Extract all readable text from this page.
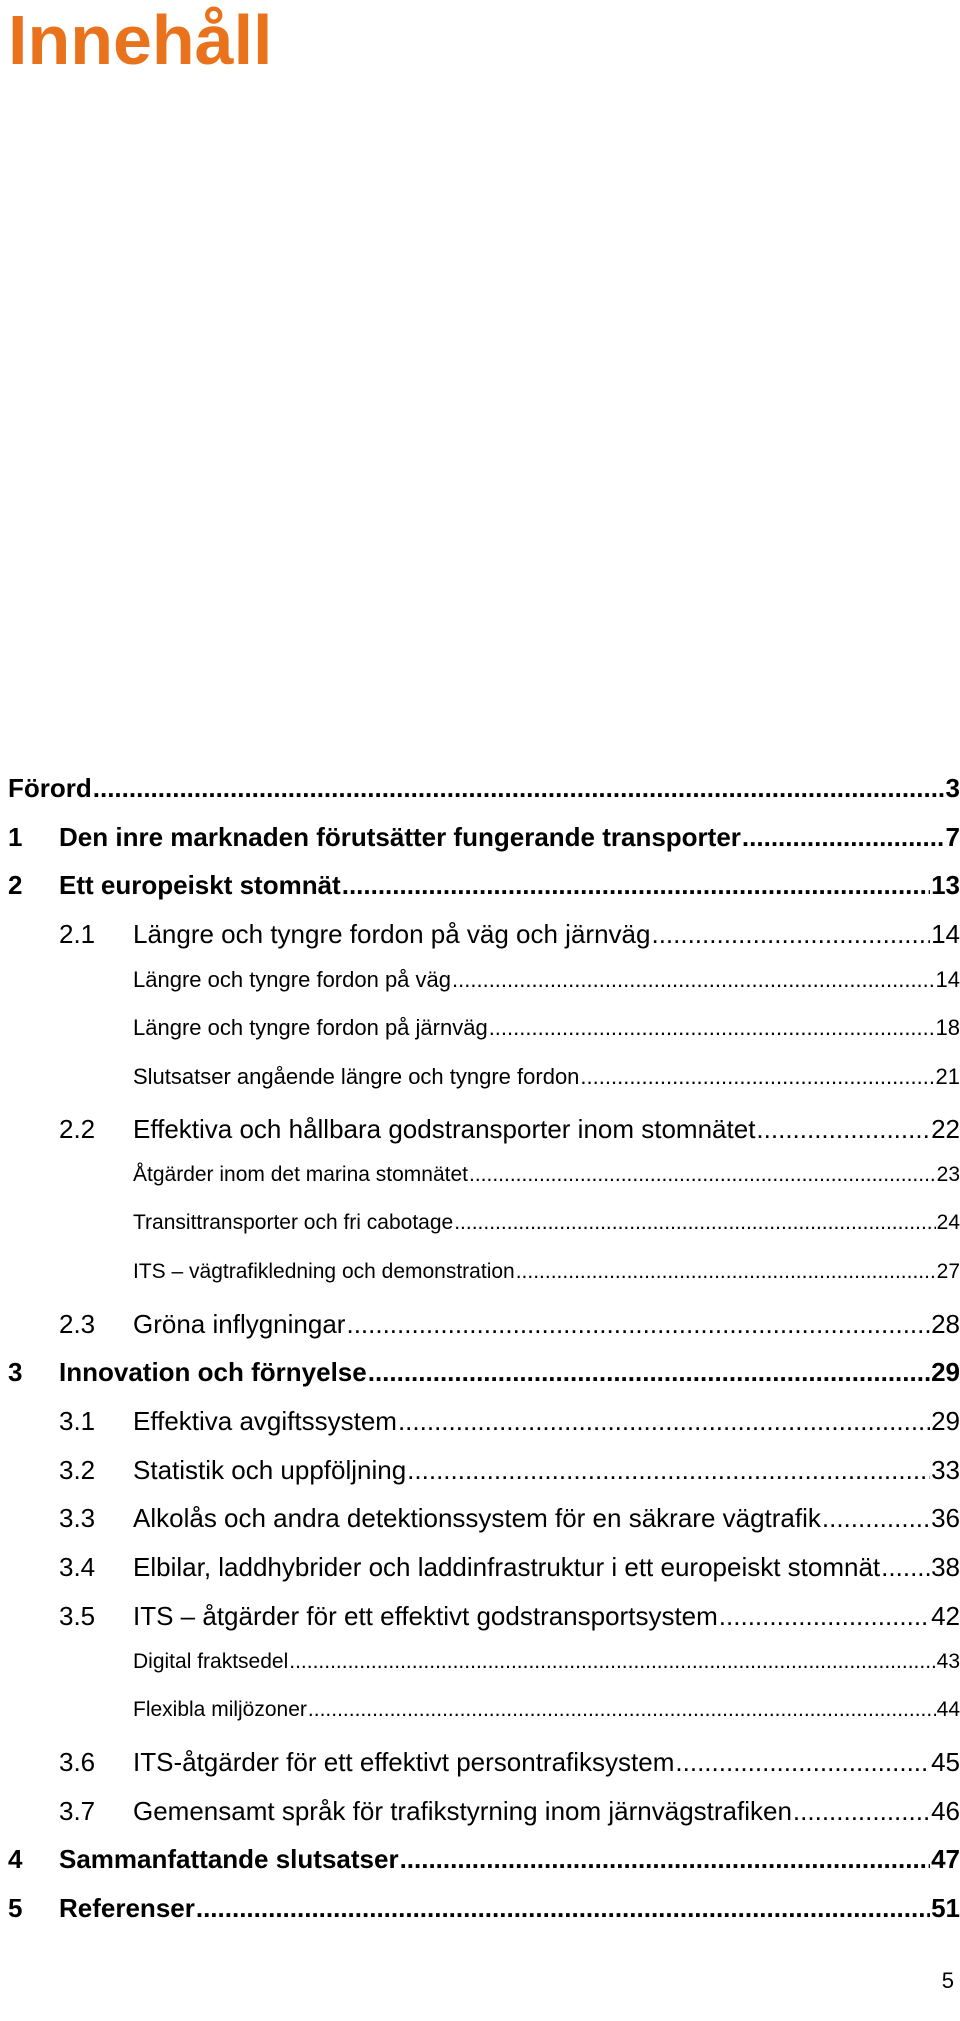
Innehåll
Förord .....	3
1 Den inre marknaden förutsätter fungerande transporter .....	7
2 Ett europeiskt stomnät .....	13
2.1 Längre och tyngre fordon på väg och järnväg .....	14
Längre och tyngre fordon på väg .....	14
Längre och tyngre fordon på järnväg .....	18
Slutsatser angående längre och tyngre fordon .....	21
2.2 Effektiva och hållbara godstransporter inom stomnätet .....	22
Åtgärder inom det marina stomnätet .....	23
Transittransporter och fri cabotage .....	24
ITS – vägtrafikledning och demonstration .....	27
2.3 Gröna inflygningar .....	28
3 Innovation och förnyelse .....	29
3.1 Effektiva avgiftssystem .....	29
3.2 Statistik och uppföljning .....	33
3.3 Alkolås och andra detektionssystem för en säkrare vägtrafik .....	36
3.4 Elbilar, laddhybrider och laddinfrastruktur i ett europeiskt stomnät ..... 38
3.5 ITS – åtgärder för ett effektivt godstransportsystem .....	42
Digital fraktsedel .....	43
Flexibla miljözoner .....	44
3.6 ITS-åtgärder för ett effektivt persontrafiksystem .....	45
3.7 Gemensamt språk för trafikstyrning inom järnvägstrafiken .....	46
4 Sammanfattande slutsatser .....	47
5 Referenser .....	51
5
